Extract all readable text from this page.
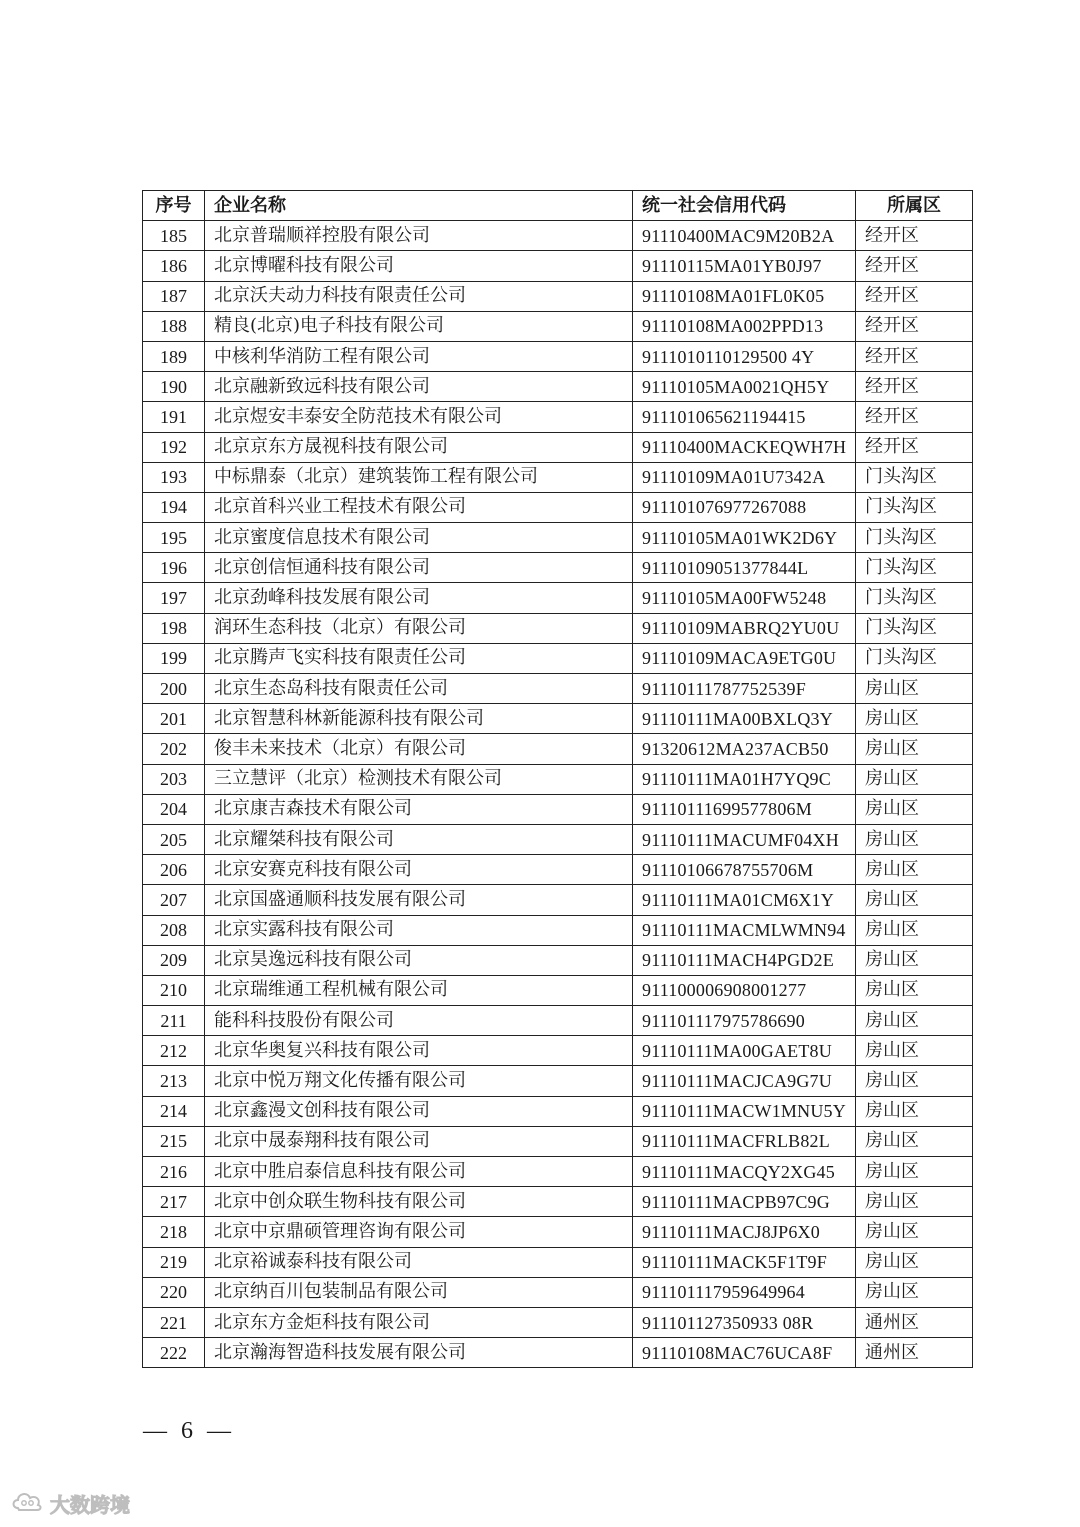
序号	企业名称	统一社会信用代码	所属区
185	北京普瑞顺祥控股有限公司	91110400MAC9M20B2A	经开区
186	北京博曜科技有限公司	91110115MA01YB0J97	经开区
187	北京沃夫动力科技有限责任公司	91110108MA01FL0K05	经开区
188	精良(北京)电子科技有限公司	91110108MA002PPD13	经开区
189	中核利华消防工程有限公司	9111010110129500 4Y	经开区
190	北京融新致远科技有限公司	91110105MA0021QH5Y	经开区
191	北京煜安丰泰安全防范技术有限公司	911101065621194415	经开区
192	北京京东方晟视科技有限公司	91110400MACKEQWH7H	经开区
193	中标鼎泰（北京）建筑装饰工程有限公司	91110109MA01U7342A	门头沟区
194	北京首科兴业工程技术有限公司	911101076977267088	门头沟区
195	北京蜜度信息技术有限公司	91110105MA01WK2D6Y	门头沟区
196	北京创信恒通科技有限公司	91110109051377844L	门头沟区
197	北京劲峰科技发展有限公司	91110105MA00FW5248	门头沟区
198	润环生态科技（北京）有限公司	91110109MABRQ2YU0U	门头沟区
199	北京腾声飞实科技有限责任公司	91110109MACA9ETG0U	门头沟区
200	北京生态岛科技有限责任公司	91110111787752539F	房山区
201	北京智慧科林新能源科技有限公司	91110111MA00BXLQ3Y	房山区
202	俊丰未来技术（北京）有限公司	91320612MA237ACB50	房山区
203	三立慧评（北京）检测技术有限公司	91110111MA01H7YQ9C	房山区
204	北京康吉森技术有限公司	91110111699577806M	房山区
205	北京耀桀科技有限公司	91110111MACUMF04XH	房山区
206	北京安赛克科技有限公司	91110106678755706M	房山区
207	北京国盛通顺科技发展有限公司	91110111MA01CM6X1Y	房山区
208	北京实露科技有限公司	91110111MACMLWMN94	房山区
209	北京昊逸远科技有限公司	91110111MACH4PGD2E	房山区
210	北京瑞维通工程机械有限公司	911100006908001277	房山区
211	能科科技股份有限公司	911101117975786690	房山区
212	北京华奥复兴科技有限公司	91110111MA00GAET8U	房山区
213	北京中悦万翔文化传播有限公司	91110111MACJCA9G7U	房山区
214	北京鑫漫文创科技有限公司	91110111MACW1MNU5Y	房山区
215	北京中晟泰翔科技有限公司	91110111MACFRLB82L	房山区
216	北京中胜启泰信息科技有限公司	91110111MACQY2XG45	房山区
217	北京中创众联生物科技有限公司	91110111MACPB97C9G	房山区
218	北京中京鼎硕管理咨询有限公司	91110111MACJ8JP6X0	房山区
219	北京裕诚泰科技有限公司	91110111MACK5F1T9F	房山区
220	北京纳百川包装制品有限公司	911101117959649964	房山区
221	北京东方金炬科技有限公司	911101127350933 08R	通州区
222	北京瀚海智造科技发展有限公司	91110108MAC76UCA8F	通州区
— 6 —
大数跨境
